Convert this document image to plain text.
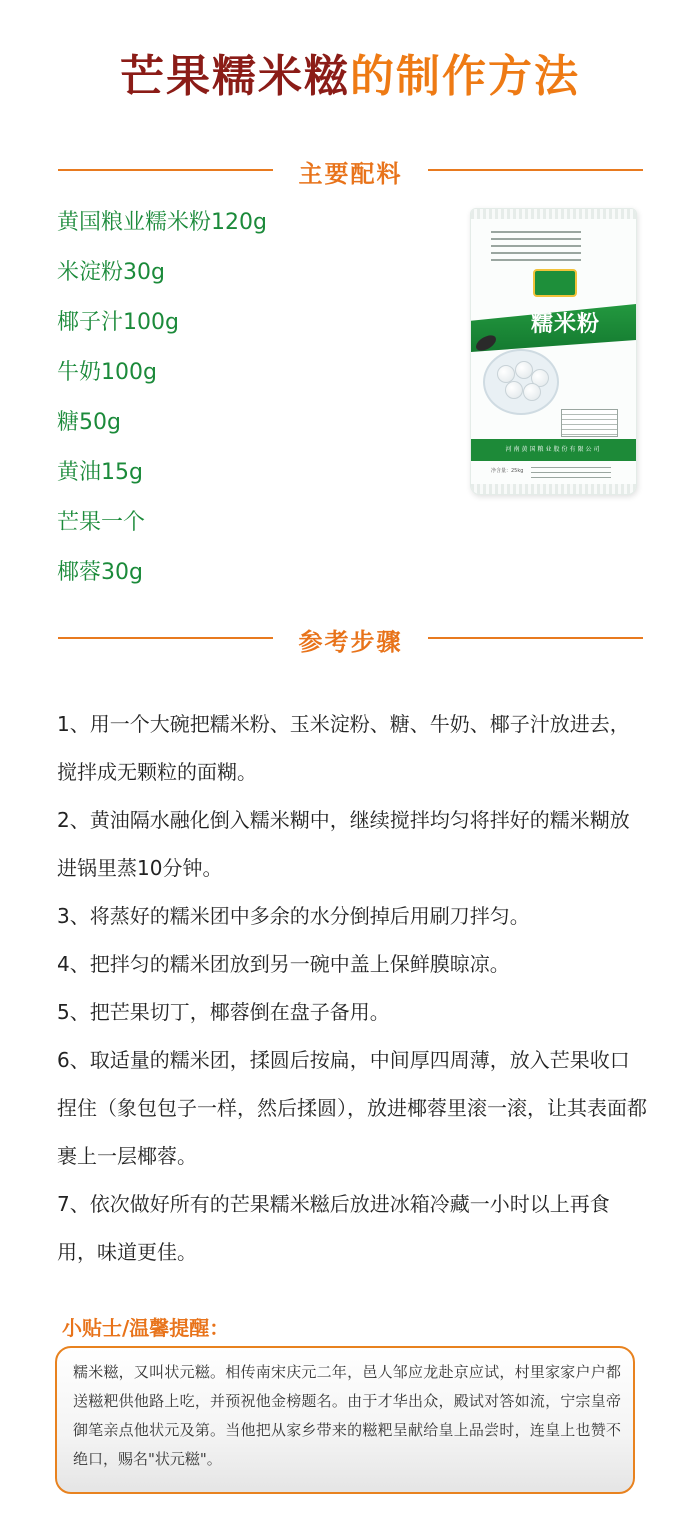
芒果糯米糍的制作方法
主要配料
黄国粮业糯米粉120g
米淀粉30g
椰子汁100g
牛奶100g
糖50g
黄油15g
芒果一个
椰蓉30g
糯米粉
河南黄国粮业股份有限公司
净含量：25kg
参考步骤
1、用一个大碗把糯米粉、玉米淀粉、糖、牛奶、椰子汁放进去，搅拌成无颗粒的面糊。
2、黄油隔水融化倒入糯米糊中，继续搅拌均匀将拌好的糯米糊放进锅里蒸10分钟。
3、将蒸好的糯米团中多余的水分倒掉后用刷刀拌匀。
4、把拌匀的糯米团放到另一碗中盖上保鲜膜晾凉。
5、把芒果切丁，椰蓉倒在盘子备用。
6、取适量的糯米团，揉圆后按扁，中间厚四周薄，放入芒果收口捏住（象包包子一样，然后揉圆），放进椰蓉里滚一滚，让其表面都裹上一层椰蓉。
7、依次做好所有的芒果糯米糍后放进冰箱冷藏一小时以上再食用，味道更佳。
小贴士/温馨提醒：

糯米糍，又叫状元糍。相传南宋庆元二年，邑人邹应龙赴京应试，村里家家户户都送糍粑供他路上吃，并预祝他金榜题名。由于才华出众，殿试对答如流，宁宗皇帝御笔亲点他状元及第。当他把从家乡带来的糍粑呈献给皇上品尝时，连皇上也赞不绝口，赐名"状元糍"。
